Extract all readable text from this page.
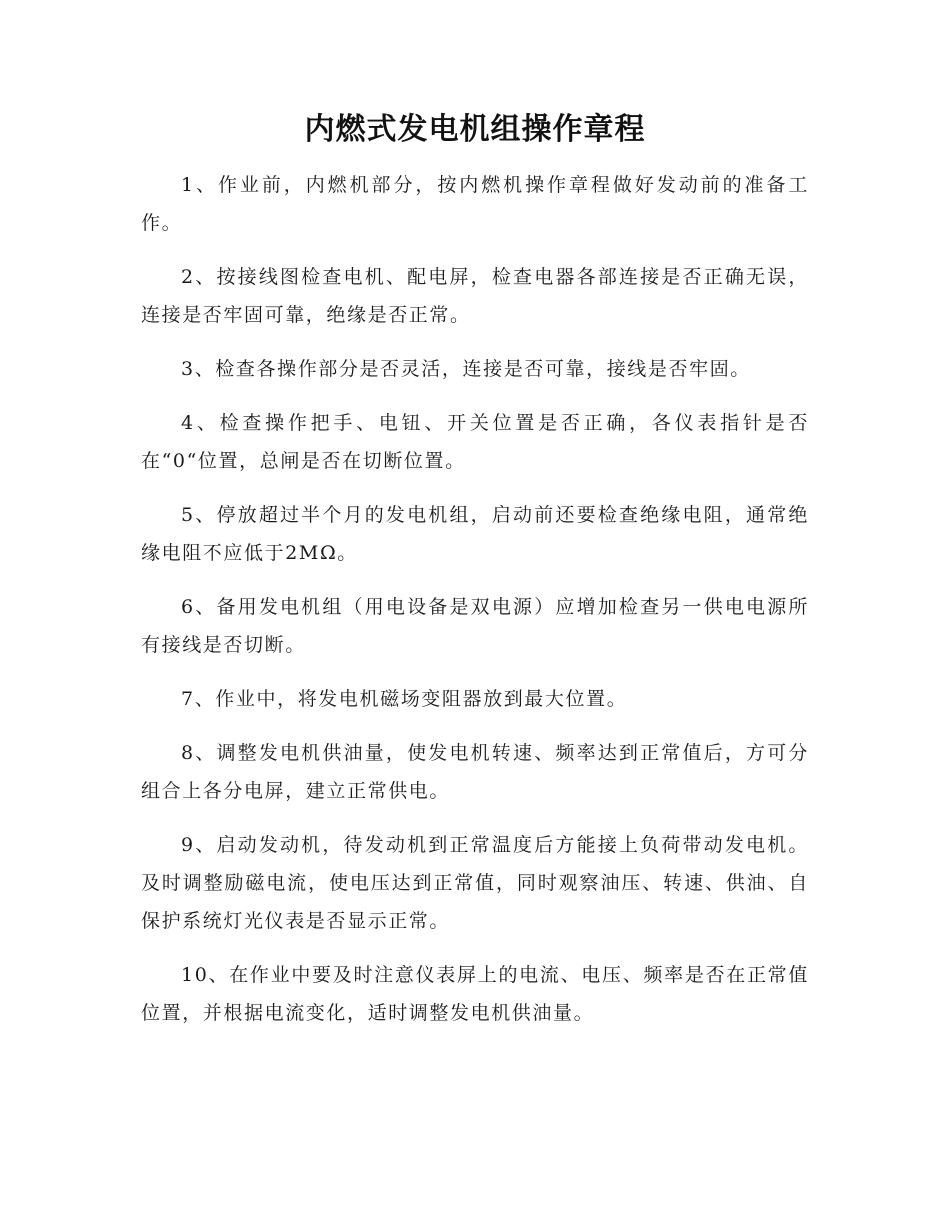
内燃式发电机组操作章程

1、作业前，内燃机部分，按内燃机操作章程做好发动前的准备工作。

2、按接线图检查电机、配电屏，检查电器各部连接是否正确无误，连接是否牢固可靠，绝缘是否正常。

3、检查各操作部分是否灵活，连接是否可靠，接线是否牢固。

4、检查操作把手、电钮、开关位置是否正确，各仪表指针是否在“0“位置，总闸是否在切断位置。

5、停放超过半个月的发电机组，启动前还要检查绝缘电阻，通常绝缘电阻不应低于2MΩ。

6、备用发电机组（用电设备是双电源）应增加检查另一供电电源所有接线是否切断。

7、作业中，将发电机磁场变阻器放到最大位置。

8、调整发电机供油量，使发电机转速、频率达到正常值后，方可分组合上各分电屏，建立正常供电。

9、启动发动机，待发动机到正常温度后方能接上负荷带动发电机。及时调整励磁电流，使电压达到正常值，同时观察油压、转速、供油、自保护系统灯光仪表是否显示正常。

10、在作业中要及时注意仪表屏上的电流、电压、频率是否在正常值位置，并根据电流变化，适时调整发电机供油量。
